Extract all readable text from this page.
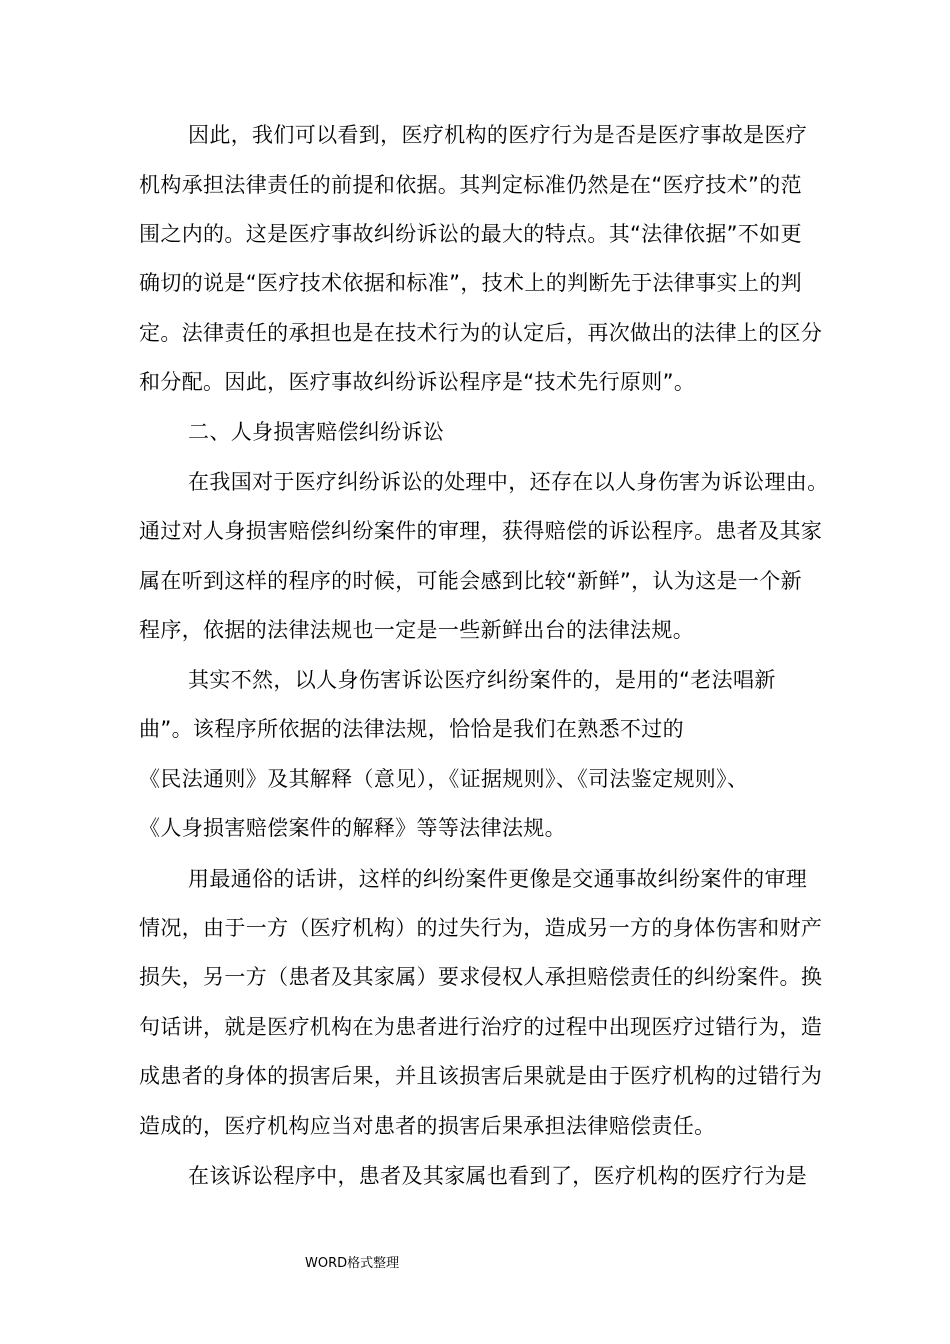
因此，我们可以看到，医疗机构的医疗行为是否是医疗事故是医疗
机构承担法律责任的前提和依据。其判定标准仍然是在“医疗技术”的范
围之内的。这是医疗事故纠纷诉讼的最大的特点。其“法律依据”不如更
确切的说是“医疗技术依据和标准”，技术上的判断先于法律事实上的判
定。法律责任的承担也是在技术行为的认定后，再次做出的法律上的区分
和分配。因此，医疗事故纠纷诉讼程序是“技术先行原则”。
二、人身损害赔偿纠纷诉讼
在我国对于医疗纠纷诉讼的处理中，还存在以人身伤害为诉讼理由。
通过对人身损害赔偿纠纷案件的审理，获得赔偿的诉讼程序。患者及其家
属在听到这样的程序的时候，可能会感到比较“新鲜”，认为这是一个新
程序，依据的法律法规也一定是一些新鲜出台的法律法规。
其实不然，以人身伤害诉讼医疗纠纷案件的，是用的“老法唱新
曲”。该程序所依据的法律法规，恰恰是我们在熟悉不过的
《民法通则》及其解释（意见），《证据规则》、《司法鉴定规则》、
《人身损害赔偿案件的解释》等等法律法规。
用最通俗的话讲，这样的纠纷案件更像是交通事故纠纷案件的审理
情况，由于一方（医疗机构）的过失行为，造成另一方的身体伤害和财产
损失，另一方（患者及其家属）要求侵权人承担赔偿责任的纠纷案件。换
句话讲，就是医疗机构在为患者进行治疗的过程中出现医疗过错行为，造
成患者的身体的损害后果，并且该损害后果就是由于医疗机构的过错行为
造成的，医疗机构应当对患者的损害后果承担法律赔偿责任。
在该诉讼程序中，患者及其家属也看到了，医疗机构的医疗行为是
WORD格式整理
